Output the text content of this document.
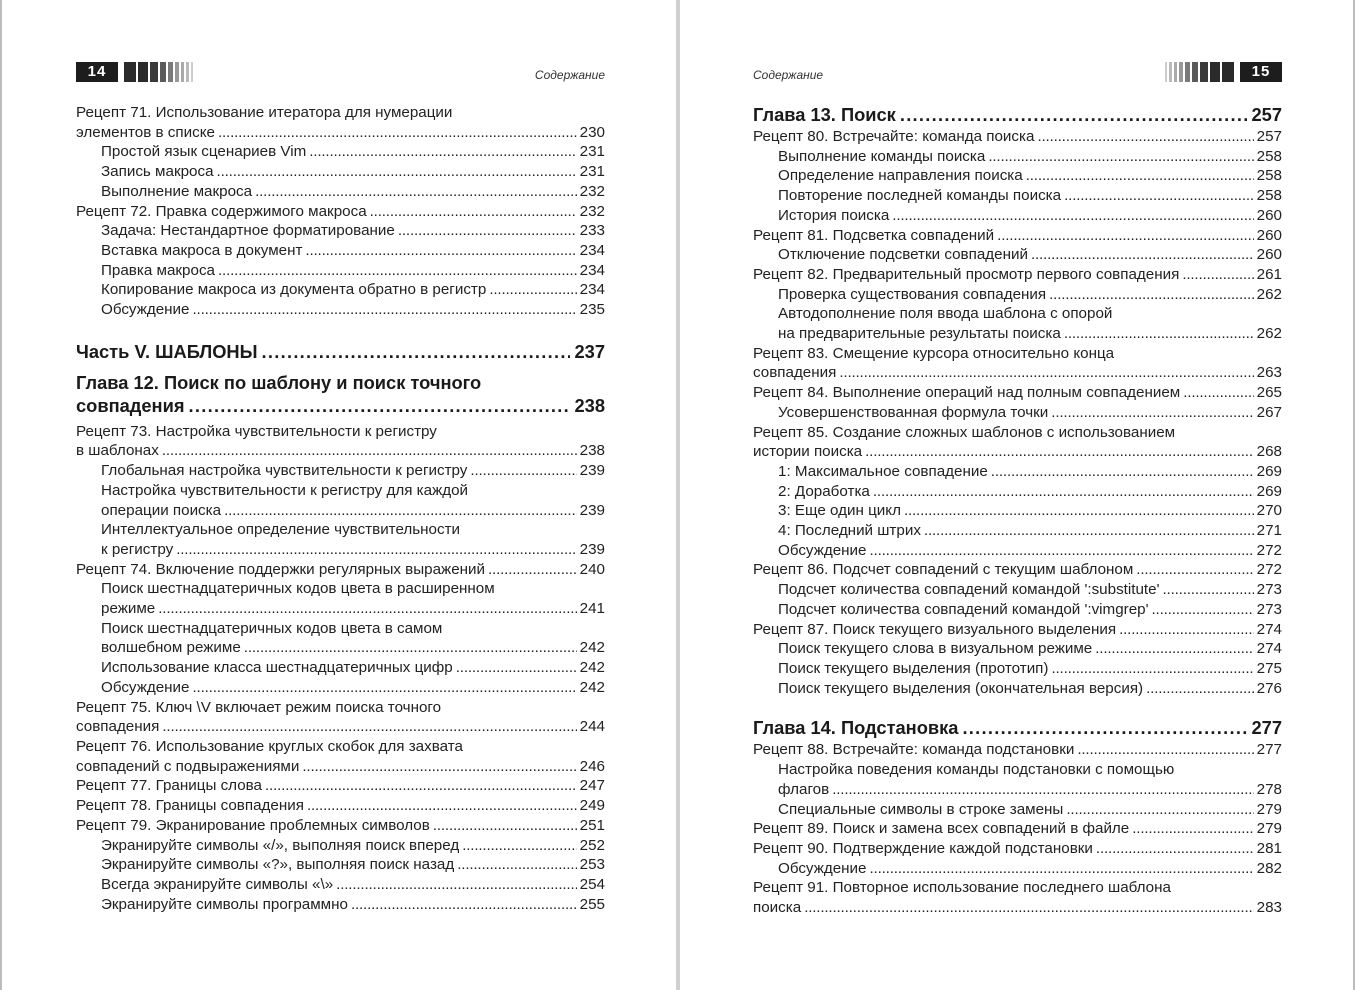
14	Содержание
Рецепт 71. Использование итератора для нумерации
элементов в списке . . .	230
Простой язык сценариев Vim . . .	231
Запись макроса . . .	231
Выполнение макроса . . .	232
Рецепт 72. Правка содержимого макроса . . .	232
Задача: Нестандартное форматирование . . .	233
Вставка макроса в документ . . .	234
Правка макроса . . .	234
Копирование макроса из документа обратно в регистр . . .	234
Обсуждение . . .	235
Часть V. ШАБЛОНЫ . . .	237
Глава 12. Поиск по шаблону и поиск точного
совпадения . . .	238
Рецепт 73. Настройка чувствительности к регистру
в шаблонах . . .	238
Глобальная настройка чувствительности к регистру . . .	239
Настройка чувствительности к регистру для каждой
операции поиска . . .	239
Интеллектуальное определение чувствительности
к регистру . . .	239
Рецепт 74. Включение поддержки регулярных выражений . . .	240
Поиск шестнадцатеричных кодов цвета в расширенном
режиме . . .	241
Поиск шестнадцатеричных кодов цвета в самом
волшебном режиме . . .	242
Использование класса шестнадцатеричных цифр . . .	242
Обсуждение . . .	242
Рецепт 75. Ключ \V включает режим поиска точного
совпадения . . .	244
Рецепт 76. Использование круглых скобок для захвата
совпадений с подвыражениями . . .	246
Рецепт 77. Границы слова . . .	247
Рецепт 78. Границы совпадения . . .	249
Рецепт 79. Экранирование проблемных символов . . .	251
Экранируйте символы «/», выполняя поиск вперед . . .	252
Экранируйте символы «?», выполняя поиск назад . . .	253
Всегда экранируйте символы «\» . . .	254
Экранируйте символы программно . . .	255
Содержание	15
Глава 13. Поиск . . .	257
Рецепт 80. Встречайте: команда поиска . . .	257
Выполнение команды поиска . . .	258
Определение направления поиска . . .	258
Повторение последней команды поиска . . .	258
История поиска . . .	260
Рецепт 81. Подсветка совпадений . . .	260
Отключение подсветки совпадений . . .	260
Рецепт 82. Предварительный просмотр первого совпадения . . .	261
Проверка существования совпадения . . .	262
Автодополнение поля ввода шаблона с опорой
на предварительные результаты поиска . . .	262
Рецепт 83. Смещение курсора относительно конца
совпадения . . .	263
Рецепт 84. Выполнение операций над полным совпадением . . .	265
Усовершенствованная формула точки . . .	267
Рецепт 85. Создание сложных шаблонов с использованием
истории поиска . . .	268
1: Максимальное совпадение . . .	269
2: Доработка . . .	269
3: Еще один цикл . . .	270
4: Последний штрих . . .	271
Обсуждение . . .	272
Рецепт 86. Подсчет совпадений с текущим шаблоном . . .	272
Подсчет количества совпадений командой ':substitute' . . .	273
Подсчет количества совпадений командой ':vimgrep' . . .	273
Рецепт 87. Поиск текущего визуального выделения . . .	274
Поиск текущего слова в визуальном режиме . . .	274
Поиск текущего выделения (прототип) . . .	275
Поиск текущего выделения (окончательная версия) . . .	276
Глава 14. Подстановка . . .	277
Рецепт 88. Встречайте: команда подстановки . . .	277
Настройка поведения команды подстановки с помощью
флагов . . .	278
Специальные символы в строке замены . . .	279
Рецепт 89. Поиск и замена всех совпадений в файле . . .	279
Рецепт 90. Подтверждение каждой подстановки . . .	281
Обсуждение . . .	282
Рецепт 91. Повторное использование последнего шаблона
поиска . . .	283
